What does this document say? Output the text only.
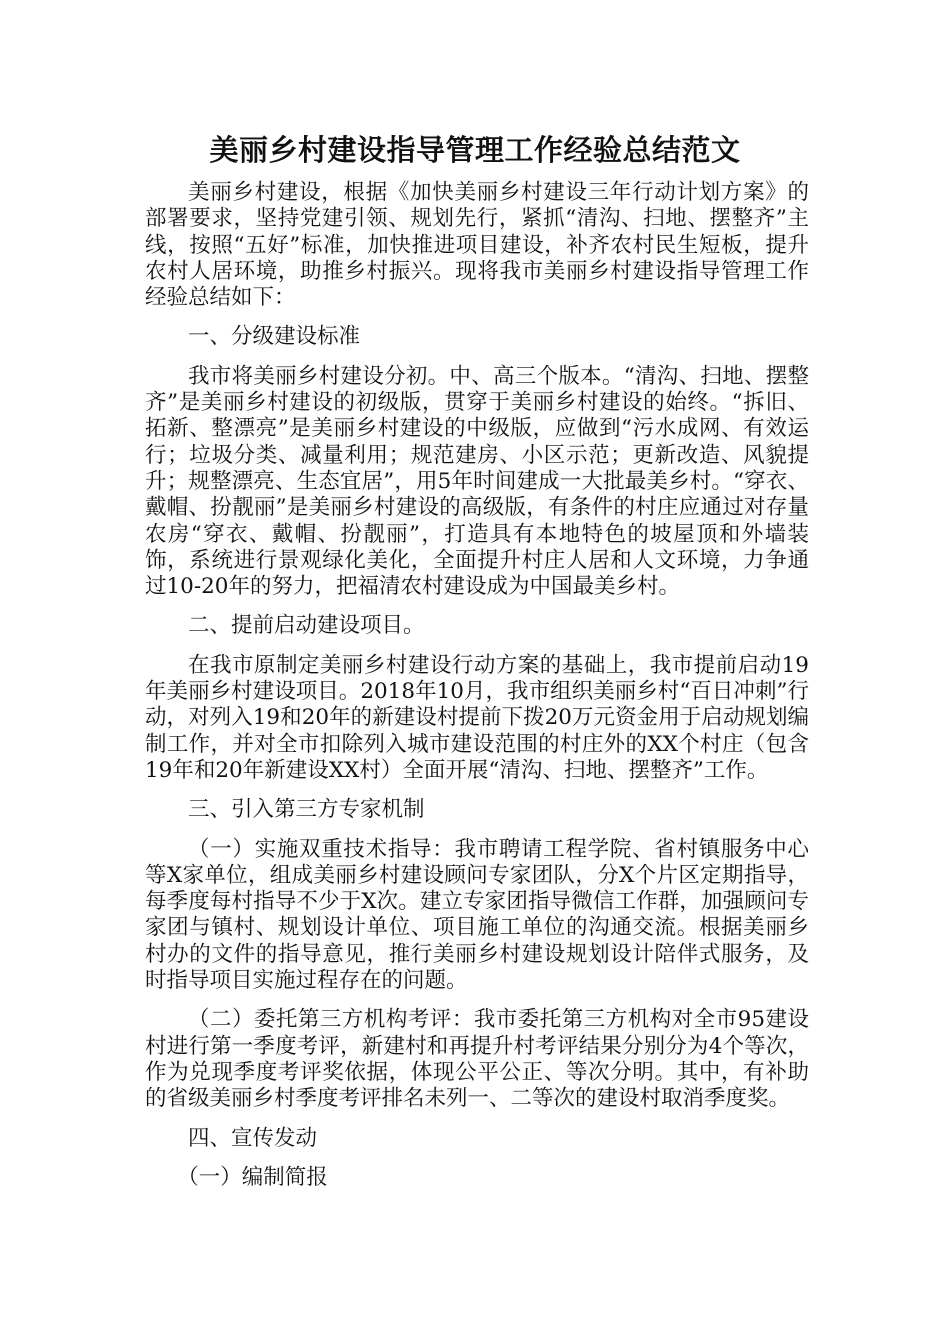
美丽乡村建设指导管理工作经验总结范文

美丽乡村建设，根据《加快美丽乡村建设三年行动计划方案》的部署要求，坚持党建引领、规划先行，紧抓“清沟、扫地、摆整齐”主线，按照“五好”标准，加快推进项目建设，补齐农村民生短板，提升农村人居环境，助推乡村振兴。现将我市美丽乡村建设指导管理工作经验总结如下：

一、分级建设标准

我市将美丽乡村建设分初。中、高三个版本。“清沟、扫地、摆整齐”是美丽乡村建设的初级版，贯穿于美丽乡村建设的始终。“拆旧、拓新、整漂亮”是美丽乡村建设的中级版，应做到“污水成网、有效运行；垃圾分类、减量利用；规范建房、小区示范；更新改造、风貌提升；规整漂亮、生态宜居”，用5年时间建成一大批最美乡村。“穿衣、戴帽、扮靓丽”是美丽乡村建设的高级版，有条件的村庄应通过对存量农房“穿衣、戴帽、扮靓丽”，打造具有本地特色的坡屋顶和外墙装饰，系统进行景观绿化美化，全面提升村庄人居和人文环境，力争通过10-20年的努力，把福清农村建设成为中国最美乡村。

二、提前启动建设项目。

在我市原制定美丽乡村建设行动方案的基础上，我市提前启动19年美丽乡村建设项目。2018年10月，我市组织美丽乡村“百日冲刺”行动，对列入19和20年的新建设村提前下拨20万元资金用于启动规划编制工作，并对全市扣除列入城市建设范围的村庄外的XX个村庄（包含19年和20年新建设XX村）全面开展“清沟、扫地、摆整齐”工作。

三、引入第三方专家机制

（一）实施双重技术指导：我市聘请工程学院、省村镇服务中心等X家单位，组成美丽乡村建设顾问专家团队，分X个片区定期指导，每季度每村指导不少于X次。建立专家团指导微信工作群，加强顾问专家团与镇村、规划设计单位、项目施工单位的沟通交流。根据美丽乡村办的文件的指导意见，推行美丽乡村建设规划设计陪伴式服务，及时指导项目实施过程存在的问题。

（二）委托第三方机构考评：我市委托第三方机构对全市95建设村进行第一季度考评，新建村和再提升村考评结果分别分为4个等次，作为兑现季度考评奖依据，体现公平公正、等次分明。其中，有补助的省级美丽乡村季度考评排名未列一、二等次的建设村取消季度奖。

四、宣传发动

（一）编制简报
